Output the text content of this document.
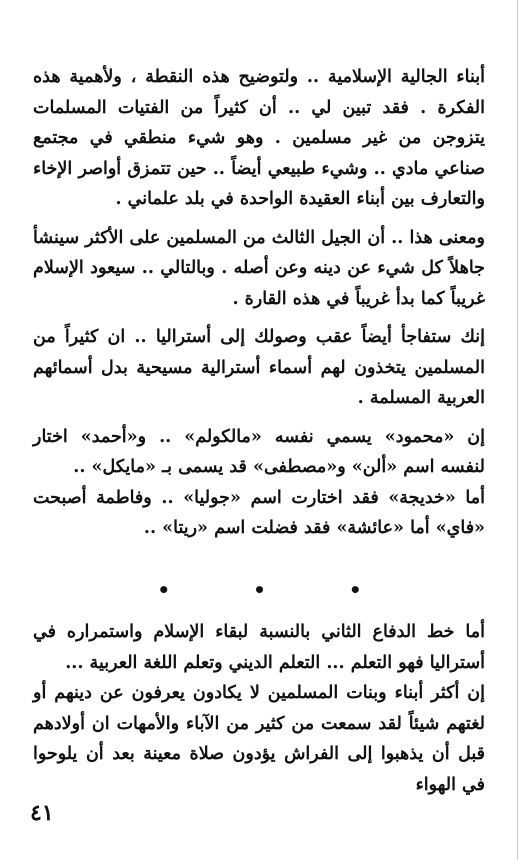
أبناء الجالية الإسلامية .. ولتوضيح هذه النقطة ، ولأهمية هذه الفكرة . فقد تبين لي .. أن كثيراً من الفتيات المسلمات يتزوجن من غير مسلمين . وهو شيء منطقي في مجتمع صناعي مادي .. وشيء طبيعي أيضاً .. حين تتمزق أواصر الإخاء والتعارف بين أبناء العقيدة الواحدة في بلد علماني .

ومعنى هذا .. أن الجيل الثالث من المسلمين على الأكثر سينشأ جاهلاً كل شيء عن دينه وعن أصله . وبالتالي .. سيعود الإسلام غريباً كما بدأ غريباً في هذه القارة .

إنك ستفاجأ أيضاً عقب وصولك إلى أستراليا .. ان كثيراً من المسلمين يتخذون لهم أسماء أسترالية مسيحية بدل أسمائهم العربية المسلمة .

إن «محمود» يسمي نفسه «مالكولم» .. و«أحمد» اختار لنفسه اسم «ألن» و«مصطفى» قد يسمى بـ «مايكل» ..

أما «خديجة» فقد اختارت اسم «جوليا» .. وفاطمة أصبحت «فاي» أما «عائشة» فقد فضلت اسم «ريتا» ..

• • •

أما خط الدفاع الثاني بالنسبة لبقاء الإسلام واستمراره في أستراليا فهو التعلم ... التعلم الديني وتعلم اللغة العربية ...

إن أكثر أبناء وبنات المسلمين لا يكادون يعرفون عن دينهم أو لغتهم شيئاً لقد سمعت من كثير من الآباء والأمهات ان أولادهم قبل أن يذهبوا إلى الفراش يؤدون صلاة معينة بعد أن يلوحوا في الهواء

٤١
